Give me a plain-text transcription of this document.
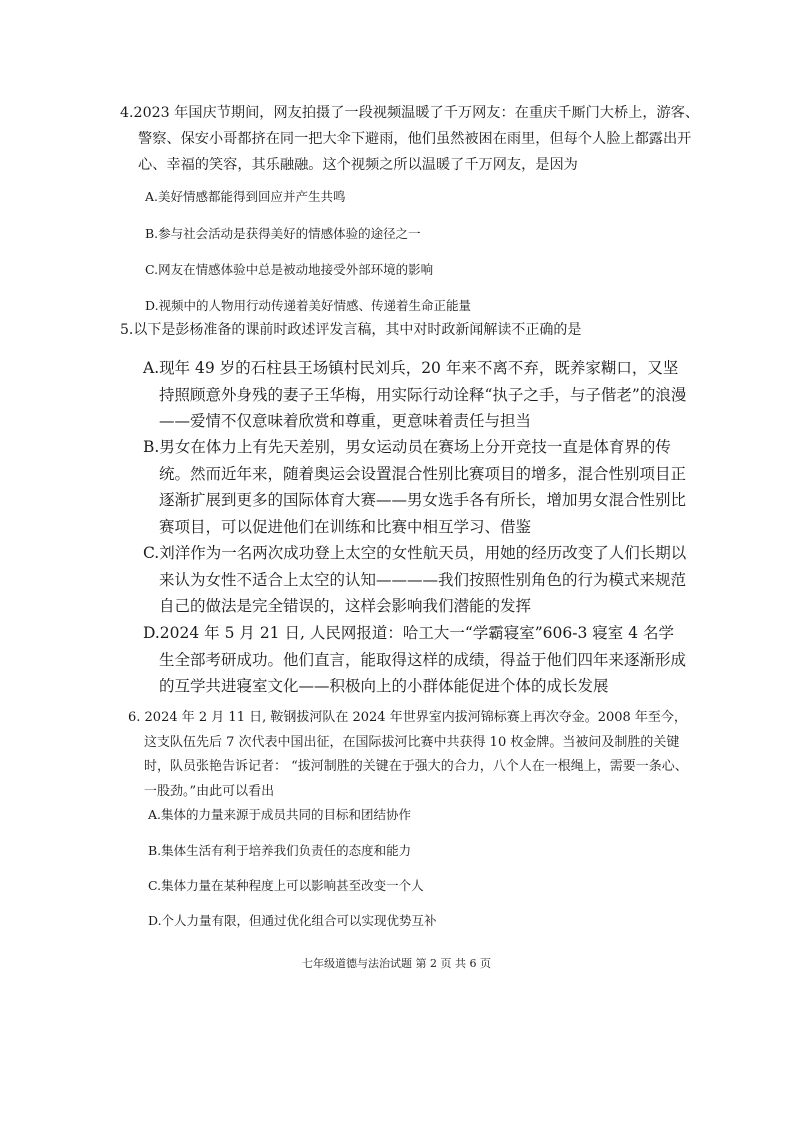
4.2023 年国庆节期间，网友拍摄了一段视频温暖了千万网友：在重庆千厮门大桥上，游客、警察、保安小哥都挤在同一把大伞下避雨，他们虽然被困在雨里，但每个人脸上都露出开心、幸福的笑容，其乐融融。这个视频之所以温暖了千万网友，是因为

A.美好情感都能得到回应并产生共鸣

B.参与社会活动是获得美好的情感体验的途径之一

C.网友在情感体验中总是被动地接受外部环境的影响

D.视频中的人物用行动传递着美好情感、传递着生命正能量

5.以下是彭杨准备的课前时政述评发言稿，其中对时政新闻解读不正确的是

A.现年 49 岁的石柱县王场镇村民刘兵，20 年来不离不弃，既养家糊口，又坚持照顾意外身残的妻子王华梅，用实际行动诠释“执子之手，与子偕老”的浪漫——爱情不仅意味着欣赏和尊重，更意味着责任与担当

B.男女在体力上有先天差别，男女运动员在赛场上分开竞技一直是体育界的传统。然而近年来，随着奥运会设置混合性别比赛项目的增多，混合性别项目正逐渐扩展到更多的国际体育大赛——男女选手各有所长，增加男女混合性别比赛项目，可以促进他们在训练和比赛中相互学习、借鉴

C.刘洋作为一名两次成功登上太空的女性航天员，用她的经历改变了人们长期以来认为女性不适合上太空的认知————我们按照性别角色的行为模式来规范自己的做法是完全错误的，这样会影响我们潜能的发挥

D.2024 年 5 月 21 日, 人民网报道：哈工大一“学霸寝室”606-3 寝室 4 名学生全部考研成功。他们直言，能取得这样的成绩，得益于他们四年来逐渐形成的互学共进寝室文化——积极向上的小群体能促进个体的成长发展

6. 2024 年 2 月 11 日, 鞍钢拔河队在 2024 年世界室内拔河锦标赛上再次夺金。2008 年至今，这支队伍先后 7 次代表中国出征，在国际拔河比赛中共获得 10 枚金牌。当被问及制胜的关键时，队员张艳告诉记者： “拔河制胜的关键在于强大的合力，八个人在一根绳上，需要一条心、一股劲。”由此可以看出

A.集体的力量来源于成员共同的目标和团结协作

B.集体生活有利于培养我们负责任的态度和能力

C.集体力量在某种程度上可以影响甚至改变一个人

D.个人力量有限，但通过优化组合可以实现优势互补

七年级道德与法治试题 第 2 页 共 6 页
